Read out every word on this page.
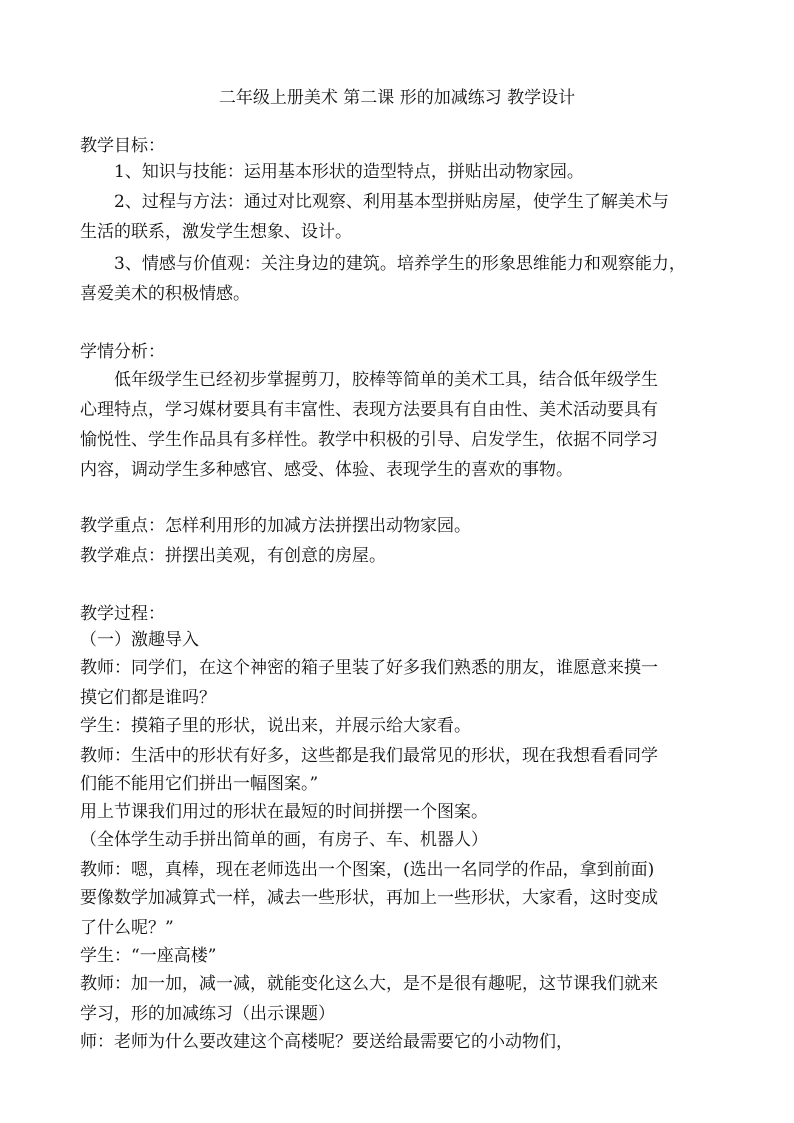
二年级上册美术 第二课 形的加减练习 教学设计
教学目标：
1、知识与技能：运用基本形状的造型特点，拼贴出动物家园。
2、过程与方法：通过对比观察、利用基本型拼贴房屋，使学生了解美术与
生活的联系，激发学生想象、设计。
3、情感与价值观：关注身边的建筑。培养学生的形象思维能力和观察能力，
喜爱美术的积极情感。
学情分析：
低年级学生已经初步掌握剪刀，胶棒等简单的美术工具，结合低年级学生
心理特点，学习媒材要具有丰富性、表现方法要具有自由性、美术活动要具有
愉悦性、学生作品具有多样性。教学中积极的引导、启发学生，依据不同学习
内容，调动学生多种感官、感受、体验、表现学生的喜欢的事物。
教学重点：怎样利用形的加减方法拼摆出动物家园。
教学难点：拼摆出美观，有创意的房屋。
教学过程：
（一）激趣导入
教师：同学们，在这个神密的箱子里装了好多我们熟悉的朋友，谁愿意来摸一
摸它们都是谁吗？
学生：摸箱子里的形状，说出来，并展示给大家看。
教师：生活中的形状有好多，这些都是我们最常见的形状，现在我想看看同学
们能不能用它们拼出一幅图案。”
用上节课我们用过的形状在最短的时间拼摆一个图案。
（全体学生动手拼出简单的画，有房子、车、机器人）
教师：嗯，真棒，现在老师选出一个图案，(选出一名同学的作品，拿到前面)
要像数学加减算式一样，减去一些形状，再加上一些形状，大家看，这时变成
了什么呢？”
学生：“一座高楼”
教师：加一加，减一减，就能变化这么大，是不是很有趣呢，这节课我们就来
学习，形的加减练习（出示课题）
师：老师为什么要改建这个高楼呢？要送给最需要它的小动物们，
